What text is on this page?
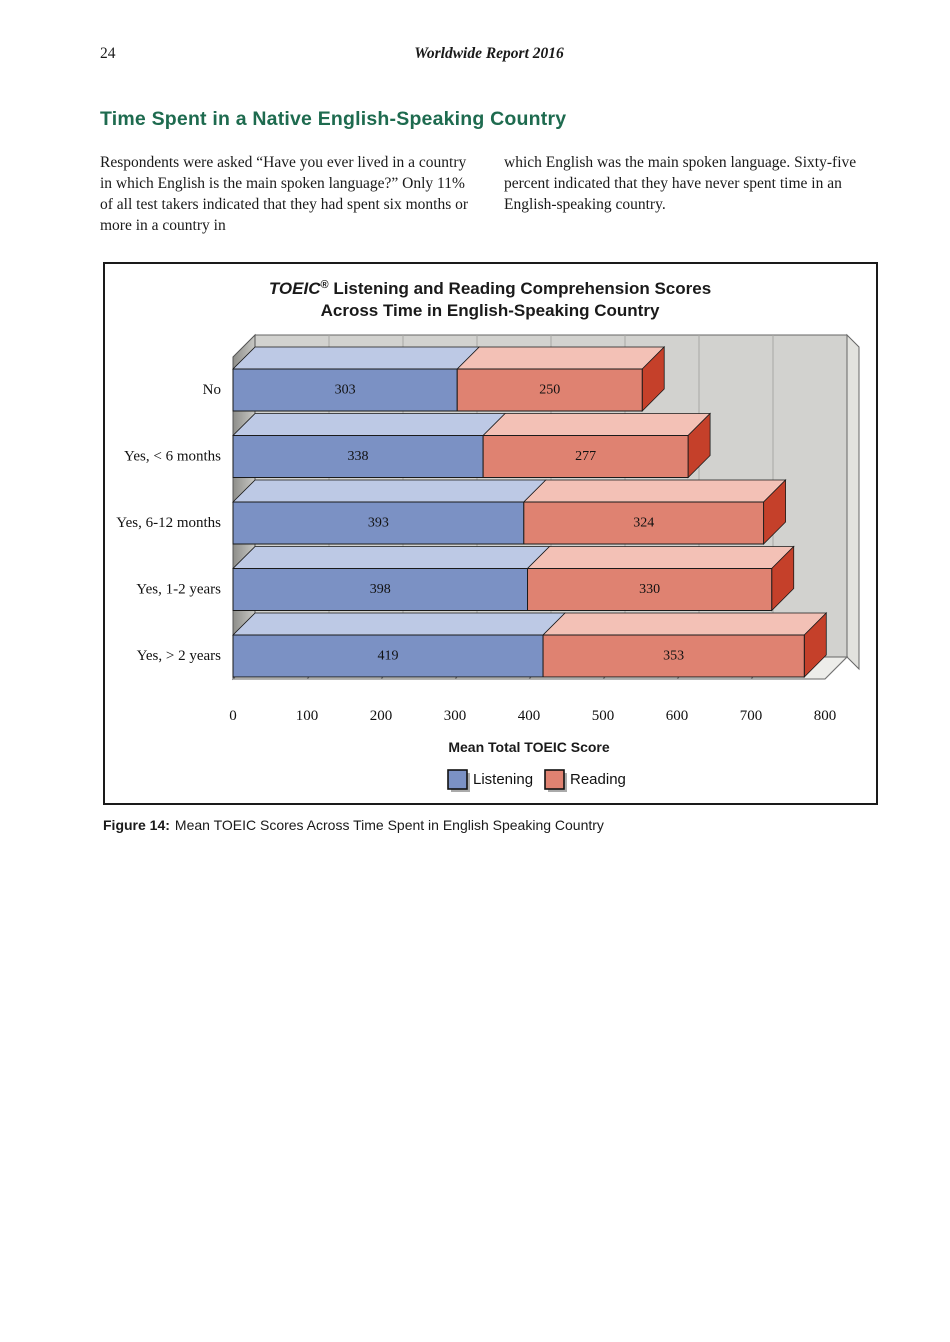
24	Worldwide Report 2016
Time Spent in a Native English-Speaking Country

Respondents were asked “Have you ever lived in a country in which English is the main spoken language?” Only 11% of all test takers indicated that they had spent six months or more in a country in

which English was the main spoken language. Sixty-five percent indicated that they have never spent time in an English-speaking country.

TOEIC® Listening and Reading Comprehension Scores
Across Time in English-Speaking Country
303	250
No
338	277
Yes, < 6 months
393	324
Yes, 6-12 months
398	330
Yes, 1-2 years
419	353
Yes, > 2 years
0	100	200	300	400	500	600	700	800
Mean Total TOEIC Score
Listening Reading
Figure 14: Mean TOEIC Scores Across Time Spent in English Speaking Country
